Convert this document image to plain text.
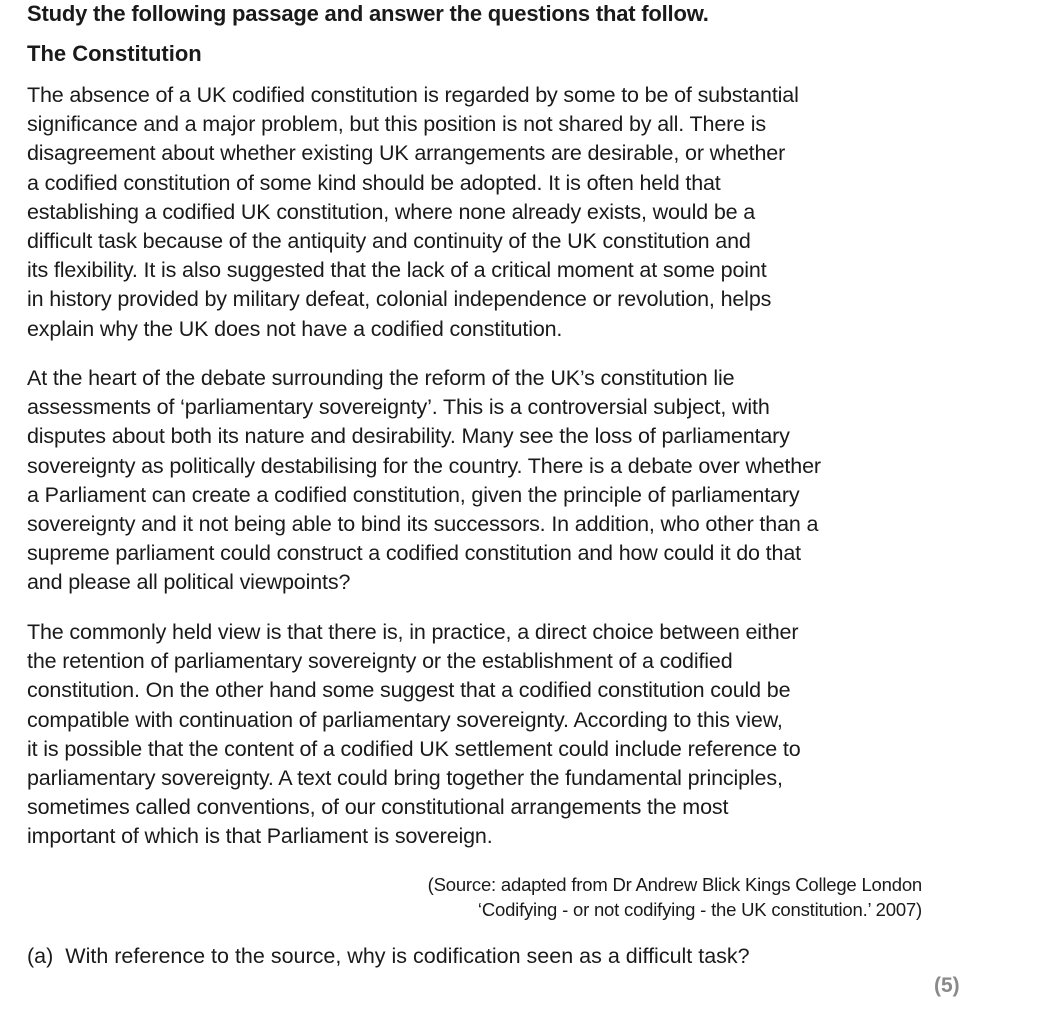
Study the following passage and answer the questions that follow.
The Constitution
The absence of a UK codified constitution is regarded by some to be of substantial
significance and a major problem, but this position is not shared by all. There is
disagreement about whether existing UK arrangements are desirable, or whether
a codified constitution of some kind should be adopted. It is often held that
establishing a codified UK constitution, where none already exists, would be a
difficult task because of the antiquity and continuity of the UK constitution and
its flexibility. It is also suggested that the lack of a critical moment at some point
in history provided by military defeat, colonial independence or revolution, helps
explain why the UK does not have a codified constitution.
At the heart of the debate surrounding the reform of the UK’s constitution lie
assessments of ‘parliamentary sovereignty’. This is a controversial subject, with
disputes about both its nature and desirability. Many see the loss of parliamentary
sovereignty as politically destabilising for the country. There is a debate over whether
a Parliament can create a codified constitution, given the principle of parliamentary
sovereignty and it not being able to bind its successors. In addition, who other than a
supreme parliament could construct a codified constitution and how could it do that
and please all political viewpoints?
The commonly held view is that there is, in practice, a direct choice between either
the retention of parliamentary sovereignty or the establishment of a codified
constitution. On the other hand some suggest that a codified constitution could be
compatible with continuation of parliamentary sovereignty. According to this view,
it is possible that the content of a codified UK settlement could include reference to
parliamentary sovereignty. A text could bring together the fundamental principles,
sometimes called conventions, of our constitutional arrangements the most
important of which is that Parliament is sovereign.
(Source: adapted from Dr Andrew Blick Kings College London
‘Codifying - or not codifying - the UK constitution.’ 2007)
(a) With reference to the source, why is codification seen as a difficult task?
(5)
